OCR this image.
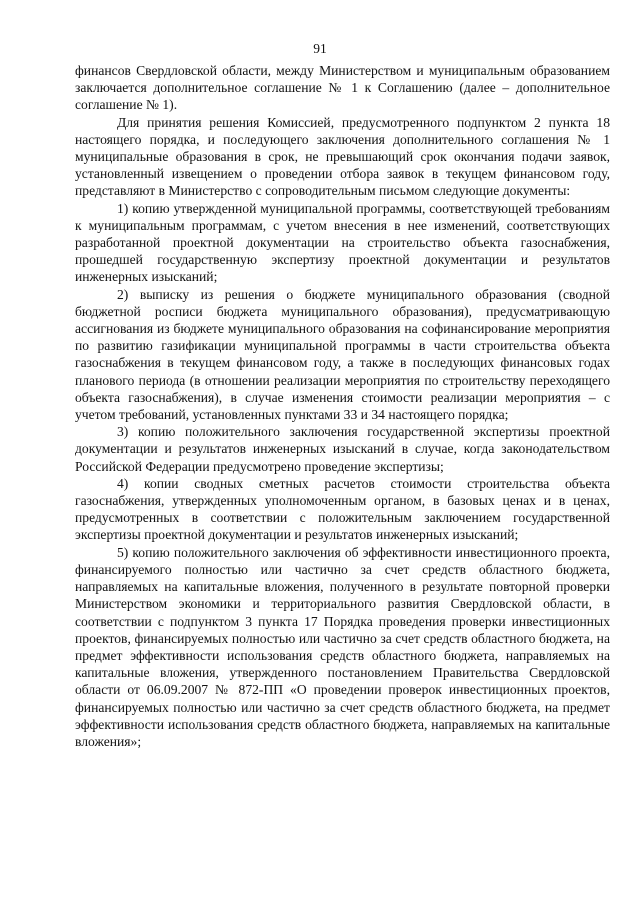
91

финансов Свердловской области, между Министерством и муниципальным образованием заключается дополнительное соглашение № 1 к Соглашению (далее – дополнительное соглашение № 1).

Для принятия решения Комиссией, предусмотренного подпунктом 2 пункта 18 настоящего порядка, и последующего заключения дополнительного соглашения № 1 муниципальные образования в срок, не превышающий срок окончания подачи заявок, установленный извещением о проведении отбора заявок в текущем финансовом году, представляют в Министерство с сопроводительным письмом следующие документы:

1) копию утвержденной муниципальной программы, соответствующей требованиям к муниципальным программам, с учетом внесения в нее изменений, соответствующих разработанной проектной документации на строительство объекта газоснабжения, прошедшей государственную экспертизу проектной документации и результатов инженерных изысканий;

2) выписку из решения о бюджете муниципального образования (сводной бюджетной росписи бюджета муниципального образования), предусматривающую ассигнования из бюджете муниципального образования на софинансирование мероприятия по развитию газификации муниципальной программы в части строительства объекта газоснабжения в текущем финансовом году, а также в последующих финансовых годах планового периода (в отношении реализации мероприятия по строительству переходящего объекта газоснабжения), в случае изменения стоимости реализации мероприятия – с учетом требований, установленных пунктами 33 и 34 настоящего порядка;

3) копию положительного заключения государственной экспертизы проектной документации и результатов инженерных изысканий в случае, когда законодательством Российской Федерации предусмотрено проведение экспертизы;

4) копии сводных сметных расчетов стоимости строительства объекта газоснабжения, утвержденных уполномоченным органом, в базовых ценах и в ценах, предусмотренных в соответствии с положительным заключением государственной экспертизы проектной документации и результатов инженерных изысканий;

5) копию положительного заключения об эффективности инвестиционного проекта, финансируемого полностью или частично за счет средств областного бюджета, направляемых на капитальные вложения, полученного в результате повторной проверки Министерством экономики и территориального развития Свердловской области, в соответствии с подпунктом 3 пункта 17 Порядка проведения проверки инвестиционных проектов, финансируемых полностью или частично за счет средств областного бюджета, на предмет эффективности использования средств областного бюджета, направляемых на капитальные вложения, утвержденного постановлением Правительства Свердловской области от 06.09.2007 № 872-ПП «О проведении проверок инвестиционных проектов, финансируемых полностью или частично за счет средств областного бюджета, на предмет эффективности использования средств областного бюджета, направляемых на капитальные вложения»;
